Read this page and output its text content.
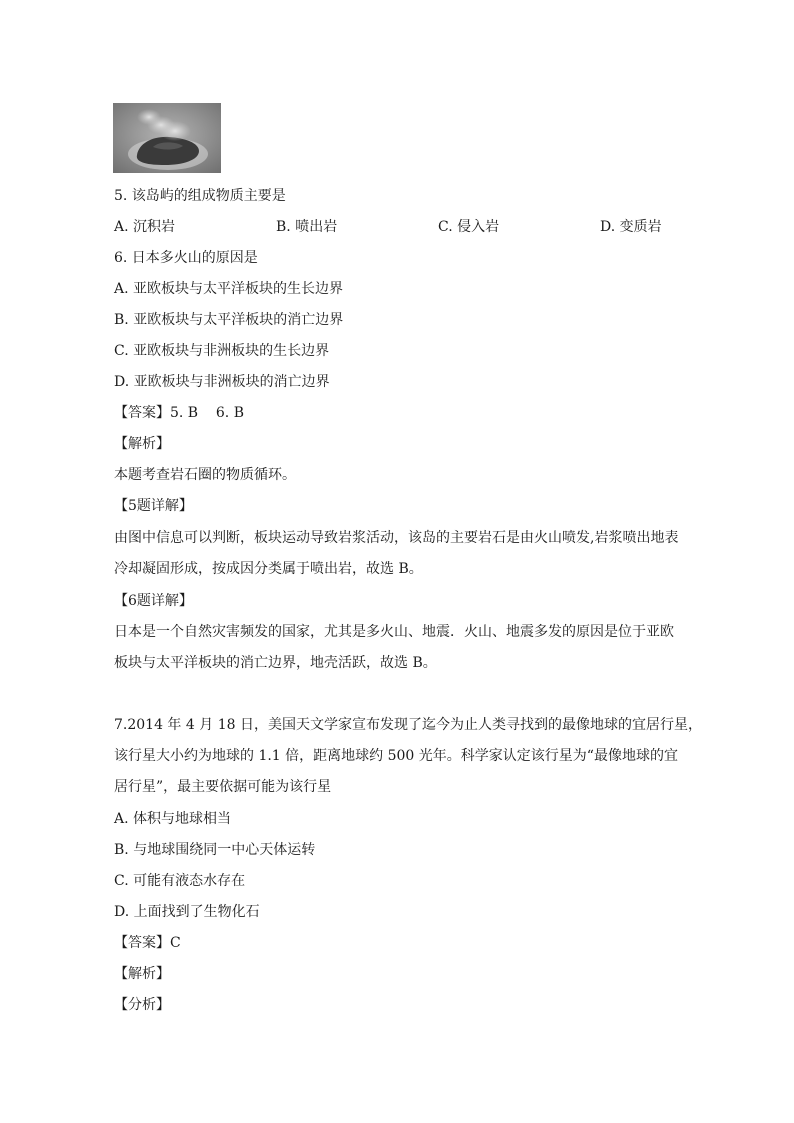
5. 该岛屿的组成物质主要是
A. 沉积岩	B. 喷出岩	C. 侵入岩	D. 变质岩
6. 日本多火山的原因是
A. 亚欧板块与太平洋板块的生长边界
B. 亚欧板块与太平洋板块的消亡边界
C. 亚欧板块与非洲板块的生长边界
D. 亚欧板块与非洲板块的消亡边界
【答案】5. B    6. B
【解析】
本题考查岩石圈的物质循环。
【5题详解】
由图中信息可以判断，板块运动导致岩浆活动，该岛的主要岩石是由火山喷发,岩浆喷出地表
冷却凝固形成，按成因分类属于喷出岩，故选 B。
【6题详解】
日本是一个自然灾害频发的国家，尤其是多火山、地震．火山、地震多发的原因是位于亚欧
板块与太平洋板块的消亡边界，地壳活跃，故选 B。
7.2014 年 4 月 18 日，美国天文学家宣布发现了迄今为止人类寻找到的最像地球的宜居行星，
该行星大小约为地球的 1.1 倍，距离地球约 500 光年。科学家认定该行星为“最像地球的宜
居行星”，最主要依据可能为该行星
A. 体积与地球相当
B. 与地球围绕同一中心天体运转
C. 可能有液态水存在
D. 上面找到了生物化石
【答案】C
【解析】
【分析】
